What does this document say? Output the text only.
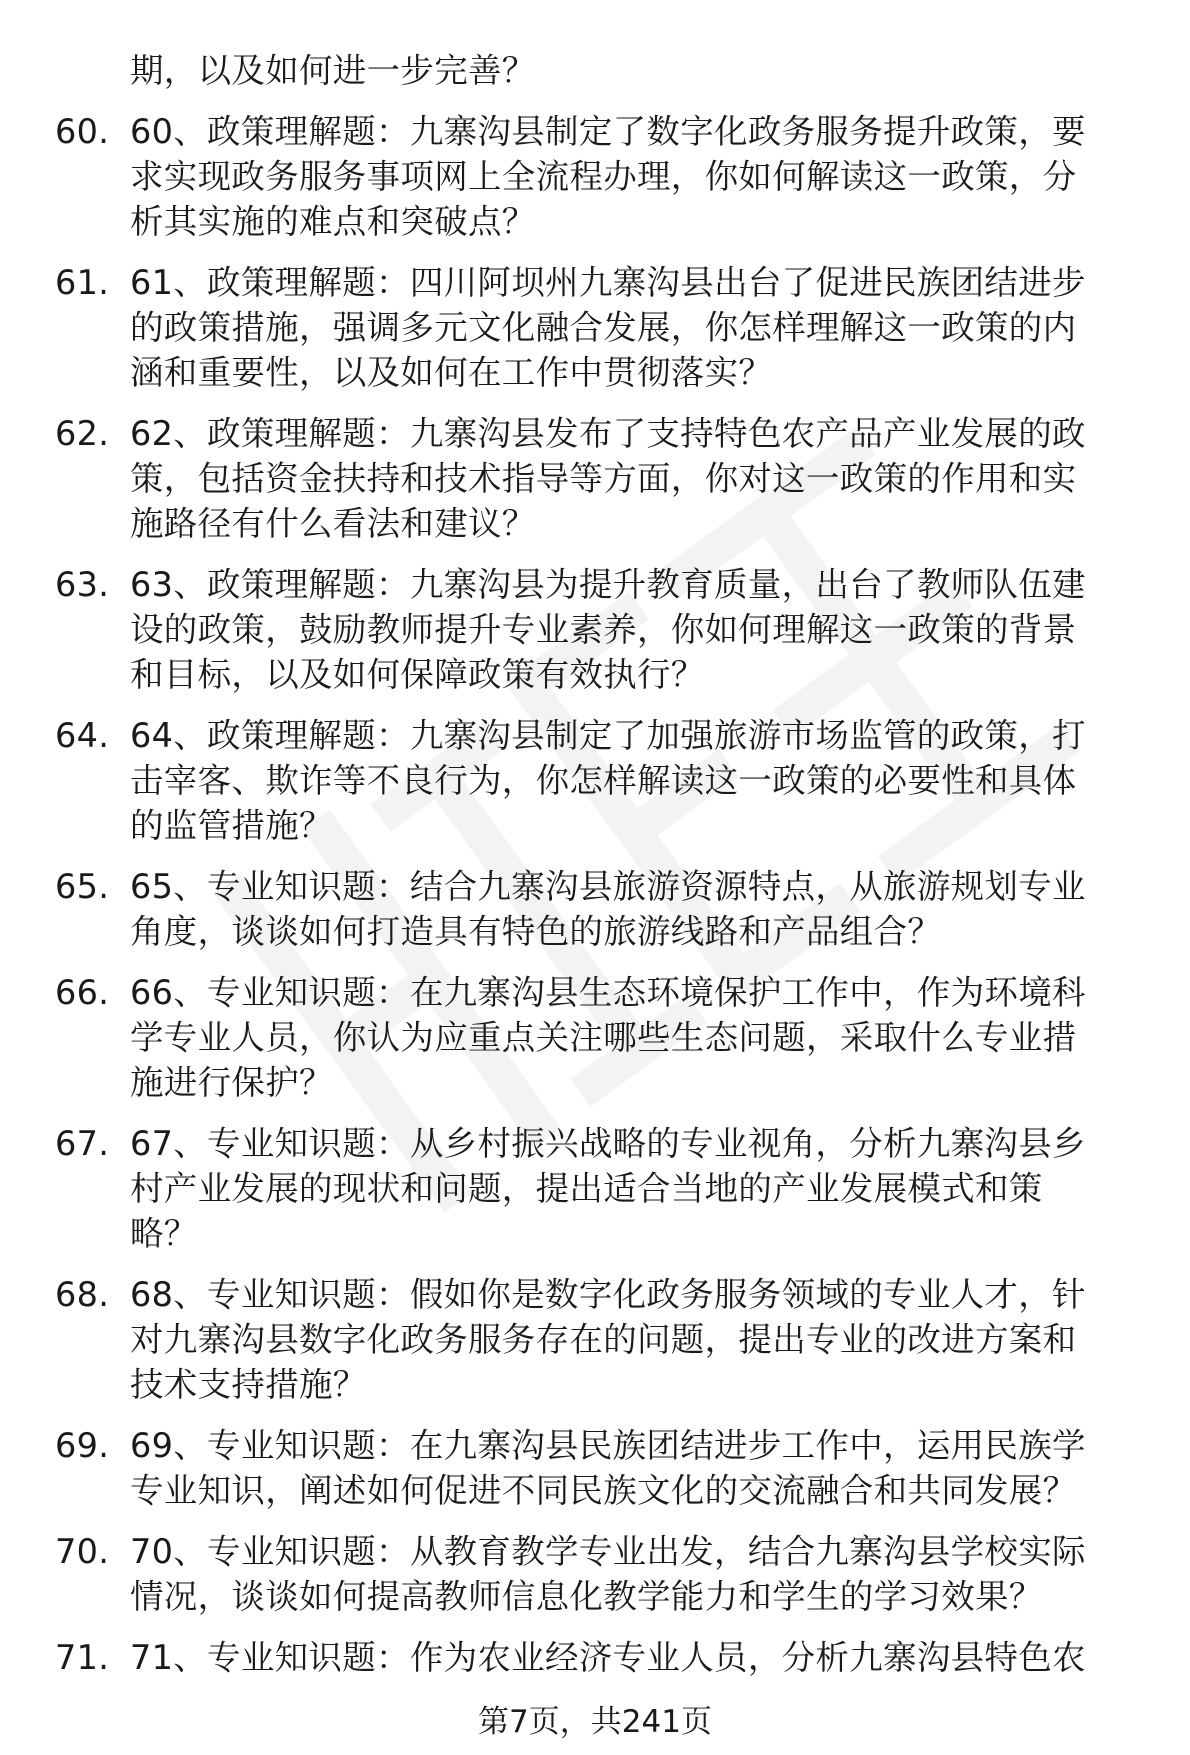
期，以及如何进一步完善？
60. 60、政策理解题：九寨沟县制定了数字化政务服务提升政策，要
求实现政务服务事项网上全流程办理，你如何解读这一政策，分
析其实施的难点和突破点？
61. 61、政策理解题：四川阿坝州九寨沟县出台了促进民族团结进步
的政策措施，强调多元文化融合发展，你怎样理解这一政策的内
涵和重要性，以及如何在工作中贯彻落实？
62. 62、政策理解题：九寨沟县发布了支持特色农产品产业发展的政
策，包括资金扶持和技术指导等方面，你对这一政策的作用和实
施路径有什么看法和建议？
63. 63、政策理解题：九寨沟县为提升教育质量，出台了教师队伍建
设的政策，鼓励教师提升专业素养，你如何理解这一政策的背景
和目标，以及如何保障政策有效执行？
64. 64、政策理解题：九寨沟县制定了加强旅游市场监管的政策，打
击宰客、欺诈等不良行为，你怎样解读这一政策的必要性和具体
的监管措施？
65. 65、专业知识题：结合九寨沟县旅游资源特点，从旅游规划专业
角度，谈谈如何打造具有特色的旅游线路和产品组合？
66. 66、专业知识题：在九寨沟县生态环境保护工作中，作为环境科
学专业人员，你认为应重点关注哪些生态问题，采取什么专业措
施进行保护？
67. 67、专业知识题：从乡村振兴战略的专业视角，分析九寨沟县乡
村产业发展的现状和问题，提出适合当地的产业发展模式和策
略？
68. 68、专业知识题：假如你是数字化政务服务领域的专业人才，针
对九寨沟县数字化政务服务存在的问题，提出专业的改进方案和
技术支持措施？
69. 69、专业知识题：在九寨沟县民族团结进步工作中，运用民族学
专业知识，阐述如何促进不同民族文化的交流融合和共同发展？
70. 70、专业知识题：从教育教学专业出发，结合九寨沟县学校实际
情况，谈谈如何提高教师信息化教学能力和学生的学习效果？
71. 71、专业知识题：作为农业经济专业人员，分析九寨沟县特色农
第7页，共241页
